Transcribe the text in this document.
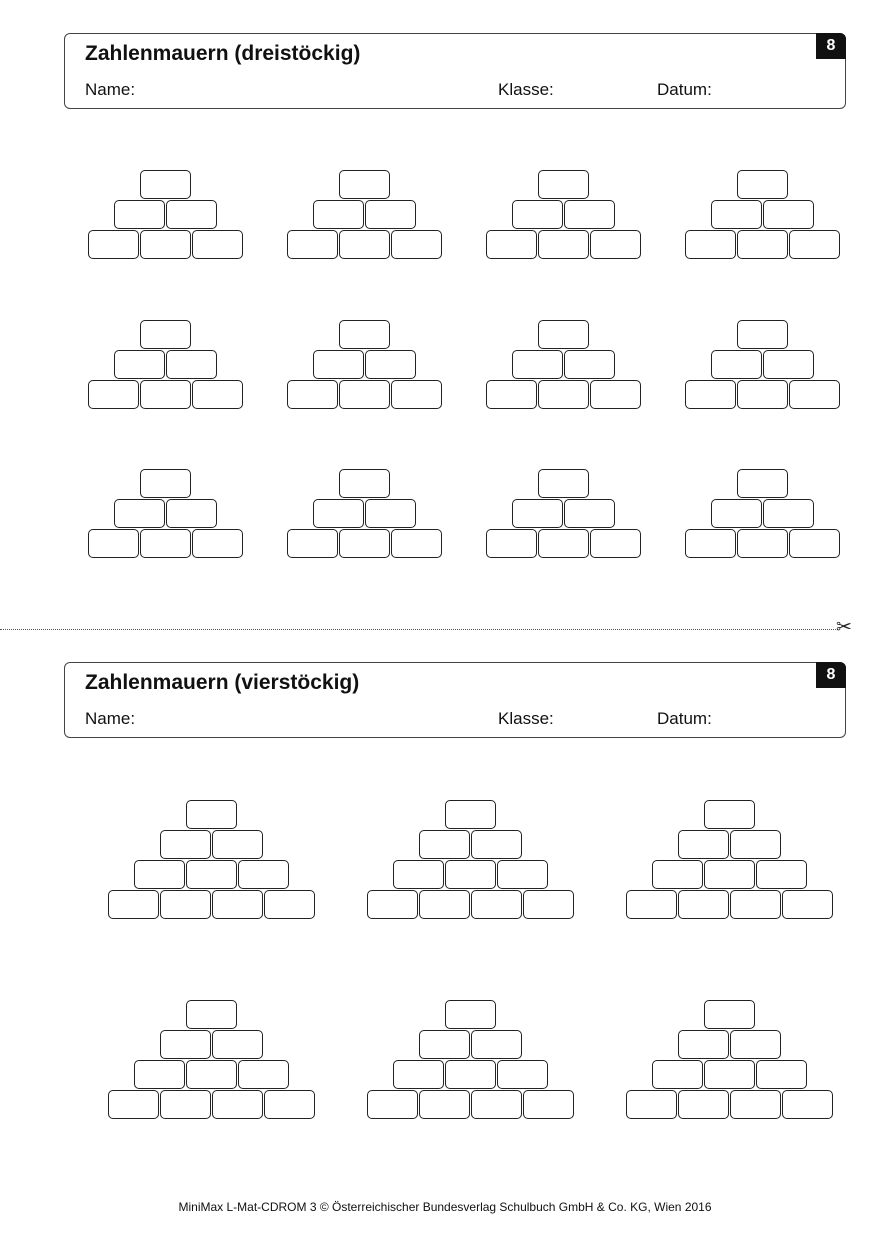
Zahlenmauern (dreistöckig)
Name:	Klasse:	Datum:
8
✂
Zahlenmauern (vierstöckig)
Name:	Klasse:	Datum:
8
MiniMax L-Mat-CDROM 3 © Österreichischer Bundesverlag Schulbuch GmbH & Co. KG, Wien 2016
